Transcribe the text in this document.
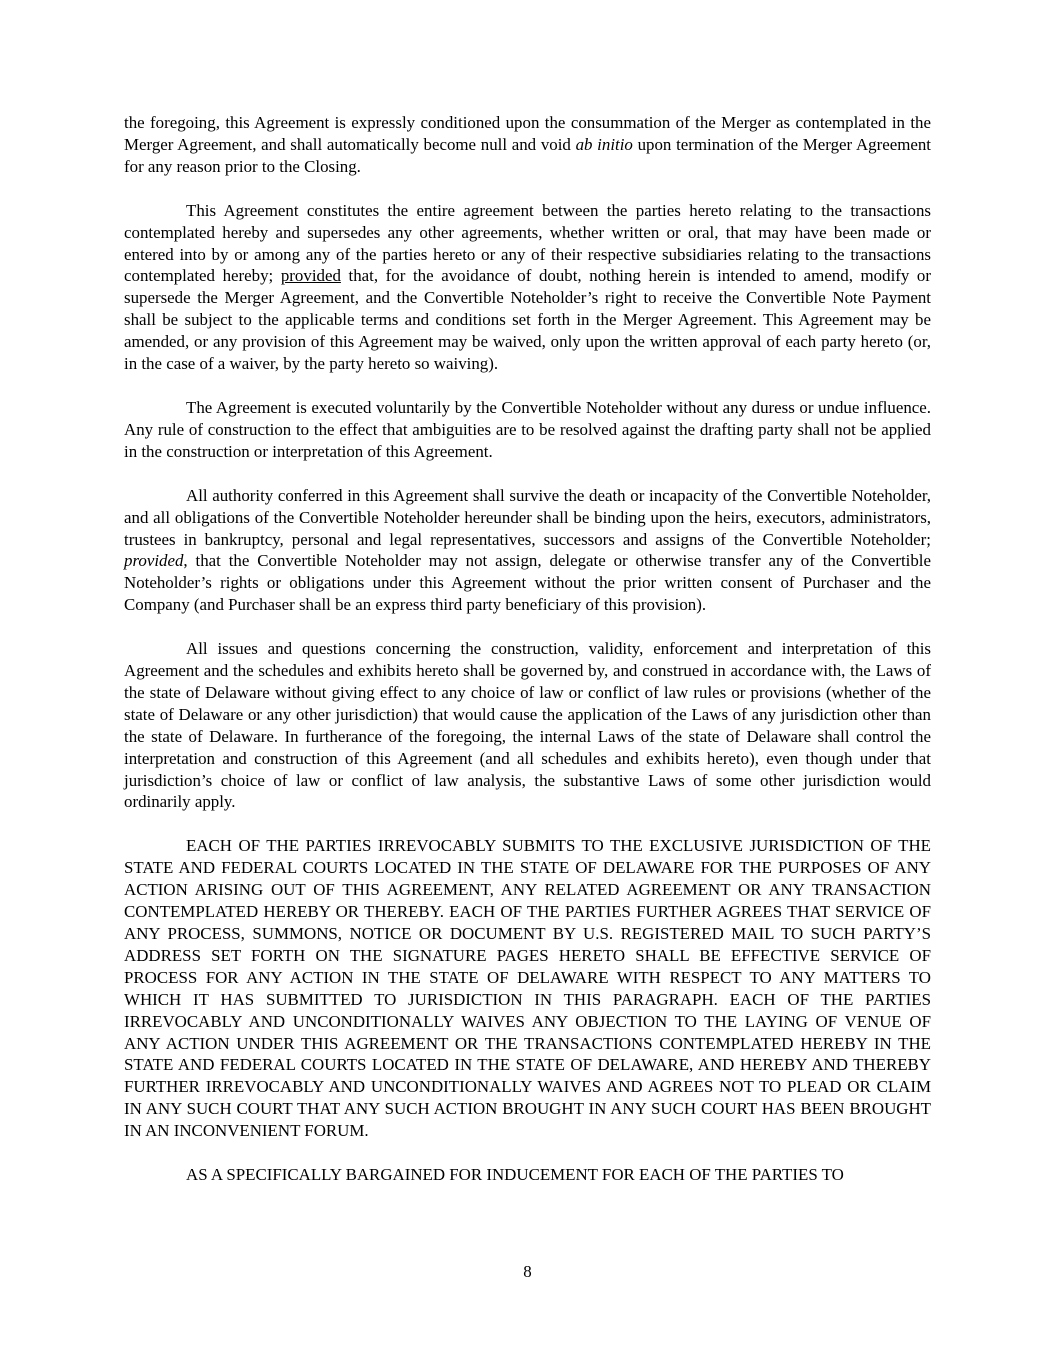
the foregoing, this Agreement is expressly conditioned upon the consummation of the Merger as contemplated in the Merger Agreement, and shall automatically become null and void ab initio upon termination of the Merger Agreement for any reason prior to the Closing.

This Agreement constitutes the entire agreement between the parties hereto relating to the transactions contemplated hereby and supersedes any other agreements, whether written or oral, that may have been made or entered into by or among any of the parties hereto or any of their respective subsidiaries relating to the transactions contemplated hereby; provided that, for the avoidance of doubt, nothing herein is intended to amend, modify or supersede the Merger Agreement, and the Convertible Noteholder’s right to receive the Convertible Note Payment shall be subject to the applicable terms and conditions set forth in the Merger Agreement. This Agreement may be amended, or any provision of this Agreement may be waived, only upon the written approval of each party hereto (or, in the case of a waiver, by the party hereto so waiving).

The Agreement is executed voluntarily by the Convertible Noteholder without any duress or undue influence. Any rule of construction to the effect that ambiguities are to be resolved against the drafting party shall not be applied in the construction or interpretation of this Agreement.

All authority conferred in this Agreement shall survive the death or incapacity of the Convertible Noteholder, and all obligations of the Convertible Noteholder hereunder shall be binding upon the heirs, executors, administrators, trustees in bankruptcy, personal and legal representatives, successors and assigns of the Convertible Noteholder; provided, that the Convertible Noteholder may not assign, delegate or otherwise transfer any of the Convertible Noteholder’s rights or obligations under this Agreement without the prior written consent of Purchaser and the Company (and Purchaser shall be an express third party beneficiary of this provision).

All issues and questions concerning the construction, validity, enforcement and interpretation of this Agreement and the schedules and exhibits hereto shall be governed by, and construed in accordance with, the Laws of the state of Delaware without giving effect to any choice of law or conflict of law rules or provisions (whether of the state of Delaware or any other jurisdiction) that would cause the application of the Laws of any jurisdiction other than the state of Delaware. In furtherance of the foregoing, the internal Laws of the state of Delaware shall control the interpretation and construction of this Agreement (and all schedules and exhibits hereto), even though under that jurisdiction’s choice of law or conflict of law analysis, the substantive Laws of some other jurisdiction would ordinarily apply.

EACH OF THE PARTIES IRREVOCABLY SUBMITS TO THE EXCLUSIVE JURISDICTION OF THE STATE AND FEDERAL COURTS LOCATED IN THE STATE OF DELAWARE FOR THE PURPOSES OF ANY ACTION ARISING OUT OF THIS AGREEMENT, ANY RELATED AGREEMENT OR ANY TRANSACTION CONTEMPLATED HEREBY OR THEREBY. EACH OF THE PARTIES FURTHER AGREES THAT SERVICE OF ANY PROCESS, SUMMONS, NOTICE OR DOCUMENT BY U.S. REGISTERED MAIL TO SUCH PARTY’S ADDRESS SET FORTH ON THE SIGNATURE PAGES HERETO SHALL BE EFFECTIVE SERVICE OF PROCESS FOR ANY ACTION IN THE STATE OF DELAWARE WITH RESPECT TO ANY MATTERS TO WHICH IT HAS SUBMITTED TO JURISDICTION IN THIS PARAGRAPH. EACH OF THE PARTIES IRREVOCABLY AND UNCONDITIONALLY WAIVES ANY OBJECTION TO THE LAYING OF VENUE OF ANY ACTION UNDER THIS AGREEMENT OR THE TRANSACTIONS CONTEMPLATED HEREBY IN THE STATE AND FEDERAL COURTS LOCATED IN THE STATE OF DELAWARE, AND HEREBY AND THEREBY FURTHER IRREVOCABLY AND UNCONDITIONALLY WAIVES AND AGREES NOT TO PLEAD OR CLAIM IN ANY SUCH COURT THAT ANY SUCH ACTION BROUGHT IN ANY SUCH COURT HAS BEEN BROUGHT IN AN INCONVENIENT FORUM.

AS A SPECIFICALLY BARGAINED FOR INDUCEMENT FOR EACH OF THE PARTIES TO

8
